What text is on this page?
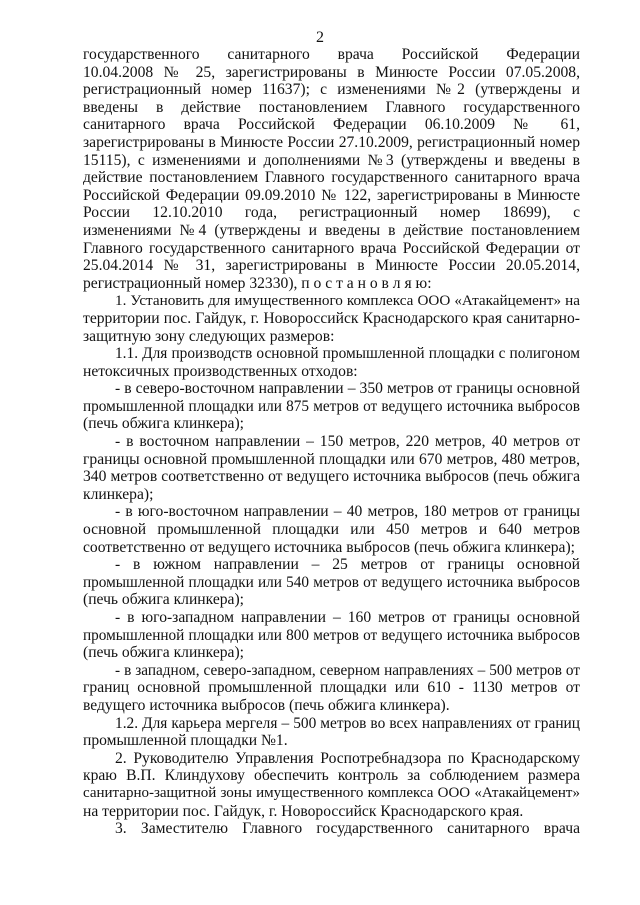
2
государственного санитарного врача Российской Федерации
10.04.2008 № 25, зарегистрированы в Минюсте России 07.05.2008,
регистрационный номер 11637); с изменениями №2 (утверждены и
введены в действие постановлением Главного государственного
санитарного врача Российской Федерации 06.10.2009 № 61,
зарегистрированы в Минюсте России 27.10.2009, регистрационный номер
15115), с изменениями и дополнениями №3 (утверждены и введены в
действие постановлением Главного государственного санитарного врача
Российской Федерации 09.09.2010 № 122, зарегистрированы в Минюсте
России 12.10.2010 года, регистрационный номер 18699), с
изменениями №4 (утверждены и введены в действие постановлением
Главного государственного санитарного врача Российской Федерации от
25.04.2014 № 31, зарегистрированы в Минюсте России 20.05.2014,
регистрационный номер 32330), п о с т а н о в л я ю:
1. Установить для имущественного комплекса ООО «Атакайцемент» на
территории пос. Гайдук, г. Новороссийск Краснодарского края санитарно-
защитную зону следующих размеров:
1.1. Для производств основной промышленной площадки с полигоном
нетоксичных производственных отходов:
- в северо-восточном направлении – 350 метров от границы основной
промышленной площадки или 875 метров от ведущего источника выбросов
(печь обжига клинкера);
- в восточном направлении – 150 метров, 220 метров, 40 метров от
границы основной промышленной площадки или 670 метров, 480 метров,
340 метров соответственно от ведущего источника выбросов (печь обжига
клинкера);
- в юго-восточном направлении – 40 метров, 180 метров от границы
основной промышленной площадки или 450 метров и 640 метров
соответственно от ведущего источника выбросов (печь обжига клинкера);
- в южном направлении – 25 метров от границы основной
промышленной площадки или 540 метров от ведущего источника выбросов
(печь обжига клинкера);
- в юго-западном направлении – 160 метров от границы основной
промышленной площадки или 800 метров от ведущего источника выбросов
(печь обжига клинкера);
- в западном, северо-западном, северном направлениях – 500 метров от
границ основной промышленной площадки или 610 - 1130 метров от
ведущего источника выбросов (печь обжига клинкера).
1.2. Для карьера мергеля – 500 метров во всех направлениях от границ
промышленной площадки №1.
2. Руководителю Управления Роспотребнадзора по Краснодарскому
краю В.П. Клиндухову обеспечить контроль за соблюдением размера
санитарно-защитной зоны имущественного комплекса ООО «Атакайцемент»
на территории пос. Гайдук, г. Новороссийск Краснодарского края.
3. Заместителю Главного государственного санитарного врача
